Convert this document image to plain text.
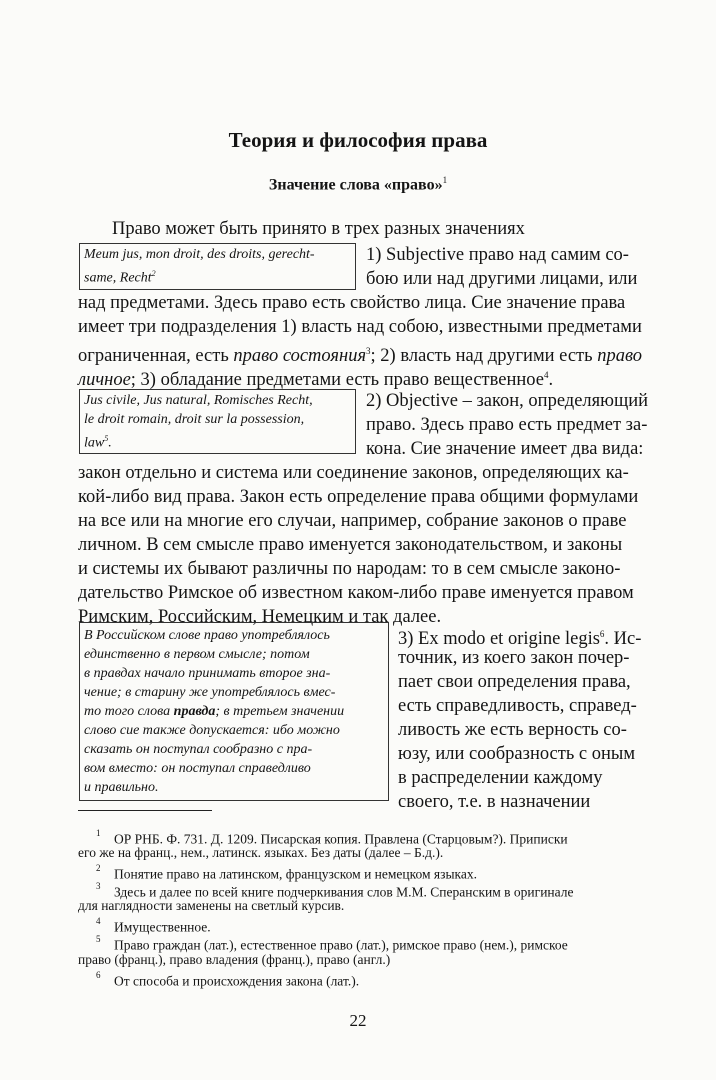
Теория и философия права
Значение слова «право»$^1$
Право может быть принято в трех разных значениях
Meum jus, mon droit, des droits, gerecht-
same, Recht$^2$
1) Subjective право над самим со-
бою или над другими лицами, или
над предметами. Здесь право есть свойство лица. Сие значение права
имеет три подразделения 1) власть над собою, известными предметами
ограниченная, есть право состояния$^3$; 2) власть над другими есть право
личное; 3) обладание предметами есть право вещественное$^4$.
Jus civile, Jus natural, Romisches Recht,
le droit romain, droit sur la possession,
law$^5$.
2) Objective – закон, определяющий
право. Здесь право есть предмет за-
кона. Сие значение имеет два вида:
закон отдельно и система или соединение законов, определяющих ка-
кой-либо вид права. Закон есть определение права общими формулами
на все или на многие его случаи, например, собрание законов о праве
личном. В сем смысле право именуется законодательством, и законы
и системы их бывают различны по народам: то в сем смысле законо-
дательство Римское об известном каком-либо праве именуется правом
Римским, Российским, Немецким и так далее.
В Российском слове право употреблялось
единственно в первом смысле; потом
в правдах начало принимать второе зна-
чение; в старину же употреблялось вмес-
то того слова правда; в третьем значении
слово сие также допускается: ибо можно
сказать он поступал сообразно с пра-
вом вместо: он поступал справедливо
и правильно.
3) Ex modo et origine legis$^6$. Ис-
точник, из коего закон почер-
пает свои определения права,
есть справедливость, справед-
ливость же есть верность со-
юзу, или сообразность с оным
в распределении каждому
своего, т.е. в назначении
$^1$ ОР РНБ. Ф. 731. Д. 1209. Писарская копия. Правлена (Старцовым?). Приписки
его же на франц., нем., латинск. языках. Без даты (далее – Б.д.).
$^2$ Понятие право на латинском, французском и немецком языках.
$^3$ Здесь и далее по всей книге подчеркивания слов М.М. Сперанским в оригинале
для наглядности заменены на светлый курсив.
$^4$ Имущественное.
$^5$ Право граждан (лат.), естественное право (лат.), римское право (нем.), римское
право (франц.), право владения (франц.), право (англ.)
$^6$ От способа и происхождения закона (лат.).
22
